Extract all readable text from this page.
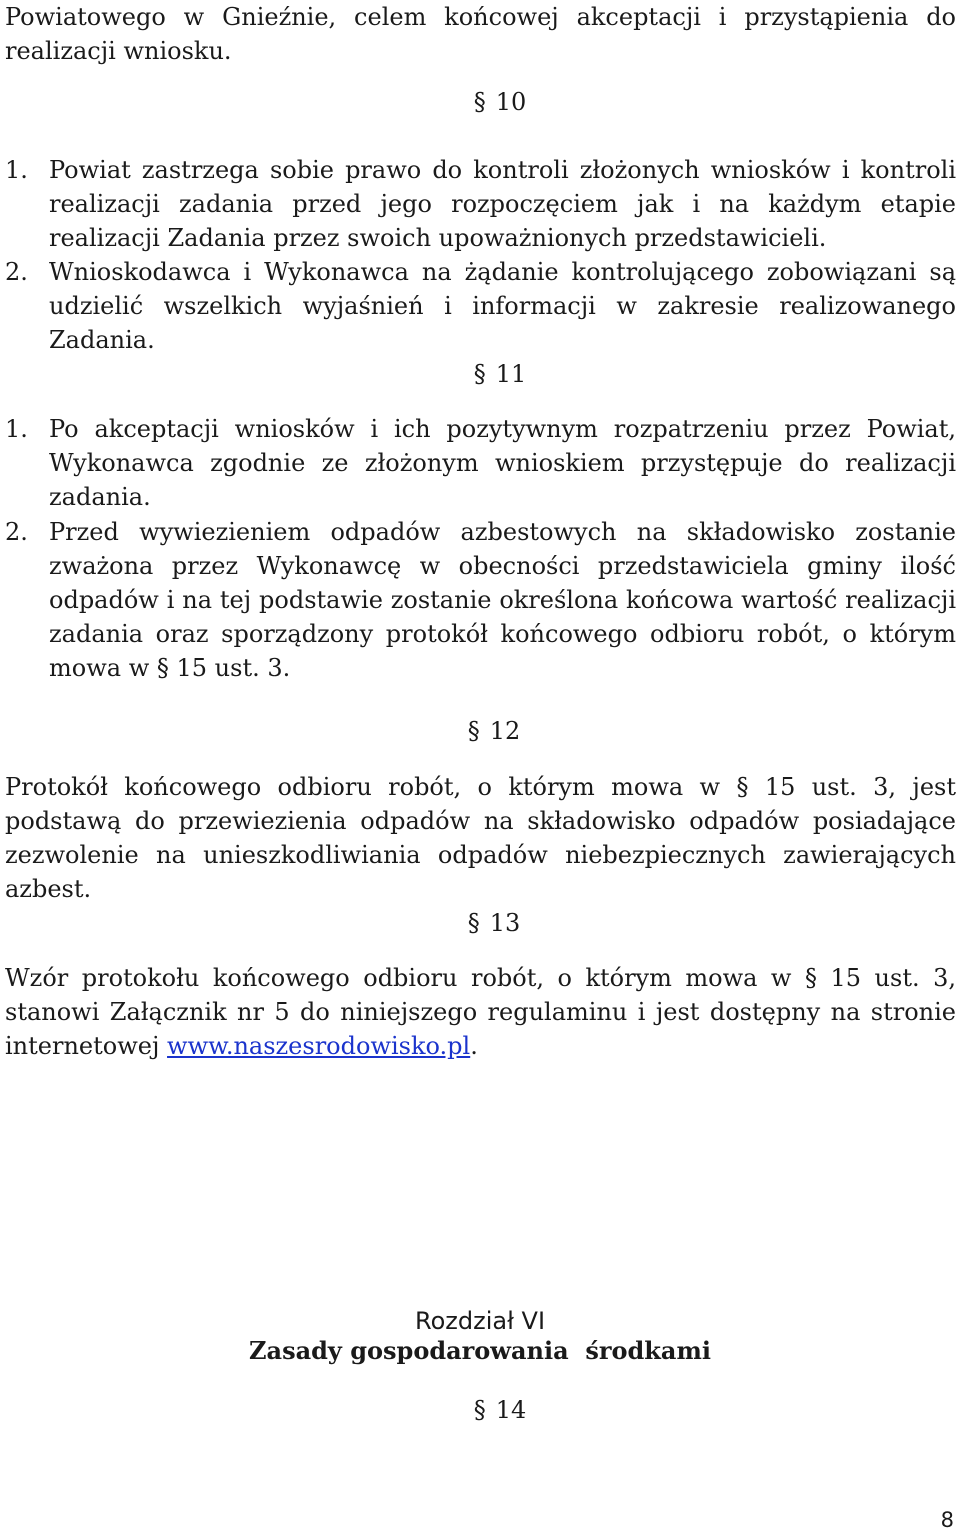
Powiatowego w Gnieźnie, celem końcowej akceptacji i przystąpienia do realizacji wniosku.
§ 10
1. Powiat zastrzega sobie prawo do kontroli złożonych wniosków i kontroli realizacji zadania przed jego rozpoczęciem jak i na każdym etapie realizacji Zadania przez swoich upoważnionych przedstawicieli.
2. Wnioskodawca i Wykonawca na żądanie kontrolującego zobowiązani są udzielić wszelkich wyjaśnień i informacji w zakresie realizowanego Zadania.
§ 11
1. Po akceptacji wniosków i ich pozytywnym rozpatrzeniu przez Powiat, Wykonawca zgodnie ze złożonym wnioskiem przystępuje do realizacji zadania.
2. Przed wywiezieniem odpadów azbestowych na składowisko zostanie zważona przez Wykonawcę w obecności przedstawiciela gminy ilość odpadów i na tej podstawie zostanie określona końcowa wartość realizacji zadania oraz sporządzony protokół końcowego odbioru robót, o którym mowa w § 15 ust. 3.
§ 12
Protokół końcowego odbioru robót, o którym mowa w § 15 ust. 3, jest podstawą do przewiezienia odpadów na składowisko odpadów posiadające zezwolenie na unieszkodliwiania odpadów niebezpiecznych zawierających azbest.
§ 13
Wzór protokołu końcowego odbioru robót, o którym mowa w § 15 ust. 3, stanowi Załącznik nr 5 do niniejszego regulaminu i jest dostępny na stronie internetowej www.naszesrodowisko.pl.
Rozdział VI
Zasady gospodarowania  środkami
§ 14
8
